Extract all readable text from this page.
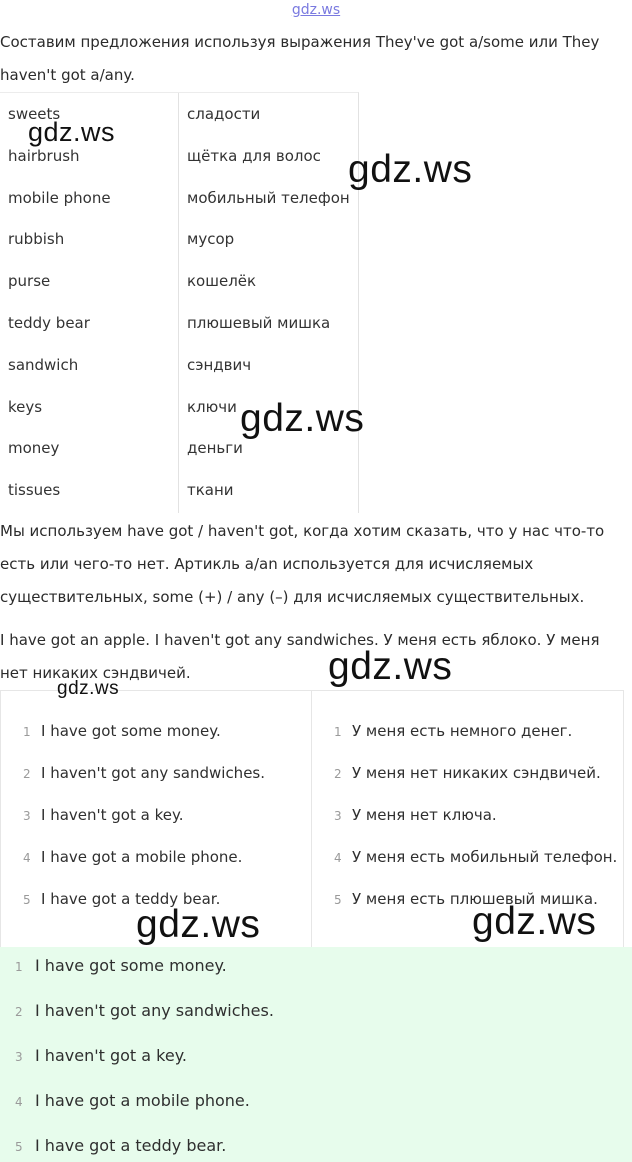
gdz.ws

Составим предложения используя выражения They've got a/some или They haven't got a/any.

sweets	сладости
hairbrush	щётка для волос
mobile phone	мобильный телефон
rubbish	мусор
purse	кошелёк
teddy bear	плюшевый мишка
sandwich	сэндвич
keys	ключи
money	деньги
tissues	ткани

Мы используем have got / haven't got, когда хотим сказать, что у нас что-то есть или чего-то нет. Артикль a/an используется для исчисляемых существительных, some (+) / any (–) для исчисляемых существительных.

I have got an apple. I haven't got any sandwiches. У меня есть яблоко. У меня нет никаких сэндвичей.

1 I have got some money.
2 I haven't got any sandwiches.
3 I haven't got a key.
4 I have got a mobile phone.
5 I have got a teddy bear.
1 У меня есть немного денег.
2 У меня нет никаких сэндвичей.
3 У меня нет ключа.
4 У меня есть мобильный телефон.
5 У меня есть плюшевый мишка.
1 I have got some money.
2 I haven't got any sandwiches.
3 I haven't got a key.
4 I have got a mobile phone.
5 I have got a teddy bear.
gdz.ws
gdz.ws
gdz.ws
gdz.ws
gdz.ws
gdz.ws	gdz.ws
